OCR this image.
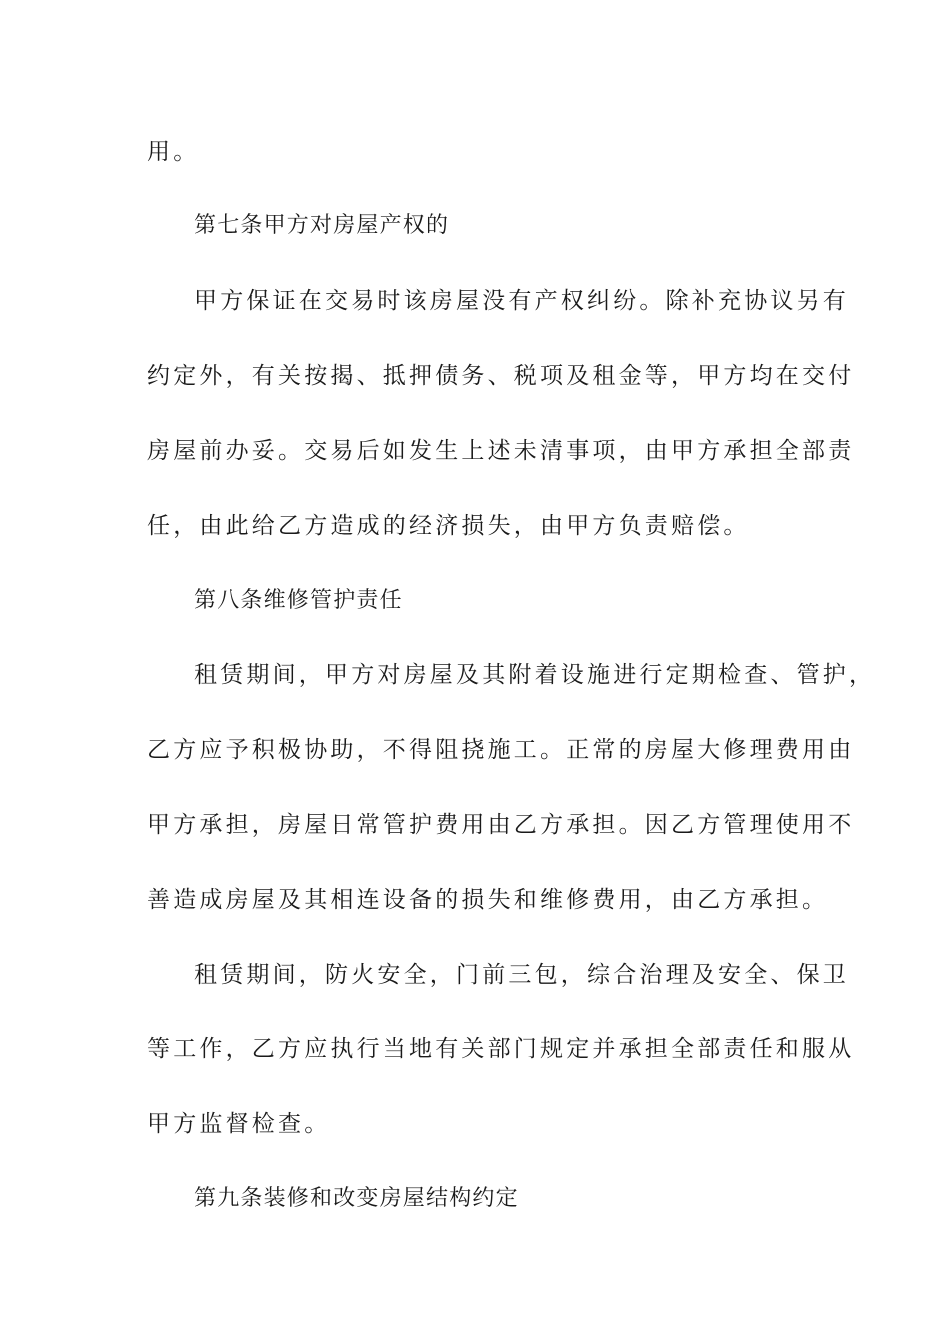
用。
第七条甲方对房屋产权的
甲方保证在交易时该房屋没有产权纠纷。除补充协议另有
约定外，有关按揭、抵押债务、税项及租金等，甲方均在交付
房屋前办妥。交易后如发生上述未清事项，由甲方承担全部责
任，由此给乙方造成的经济损失，由甲方负责赔偿。
第八条维修管护责任
租赁期间，甲方对房屋及其附着设施进行定期检查、管护，
乙方应予积极协助，不得阻挠施工。正常的房屋大修理费用由
甲方承担，房屋日常管护费用由乙方承担。因乙方管理使用不
善造成房屋及其相连设备的损失和维修费用，由乙方承担。
租赁期间，防火安全，门前三包，综合治理及安全、保卫
等工作，乙方应执行当地有关部门规定并承担全部责任和服从
甲方监督检查。
第九条装修和改变房屋结构约定
